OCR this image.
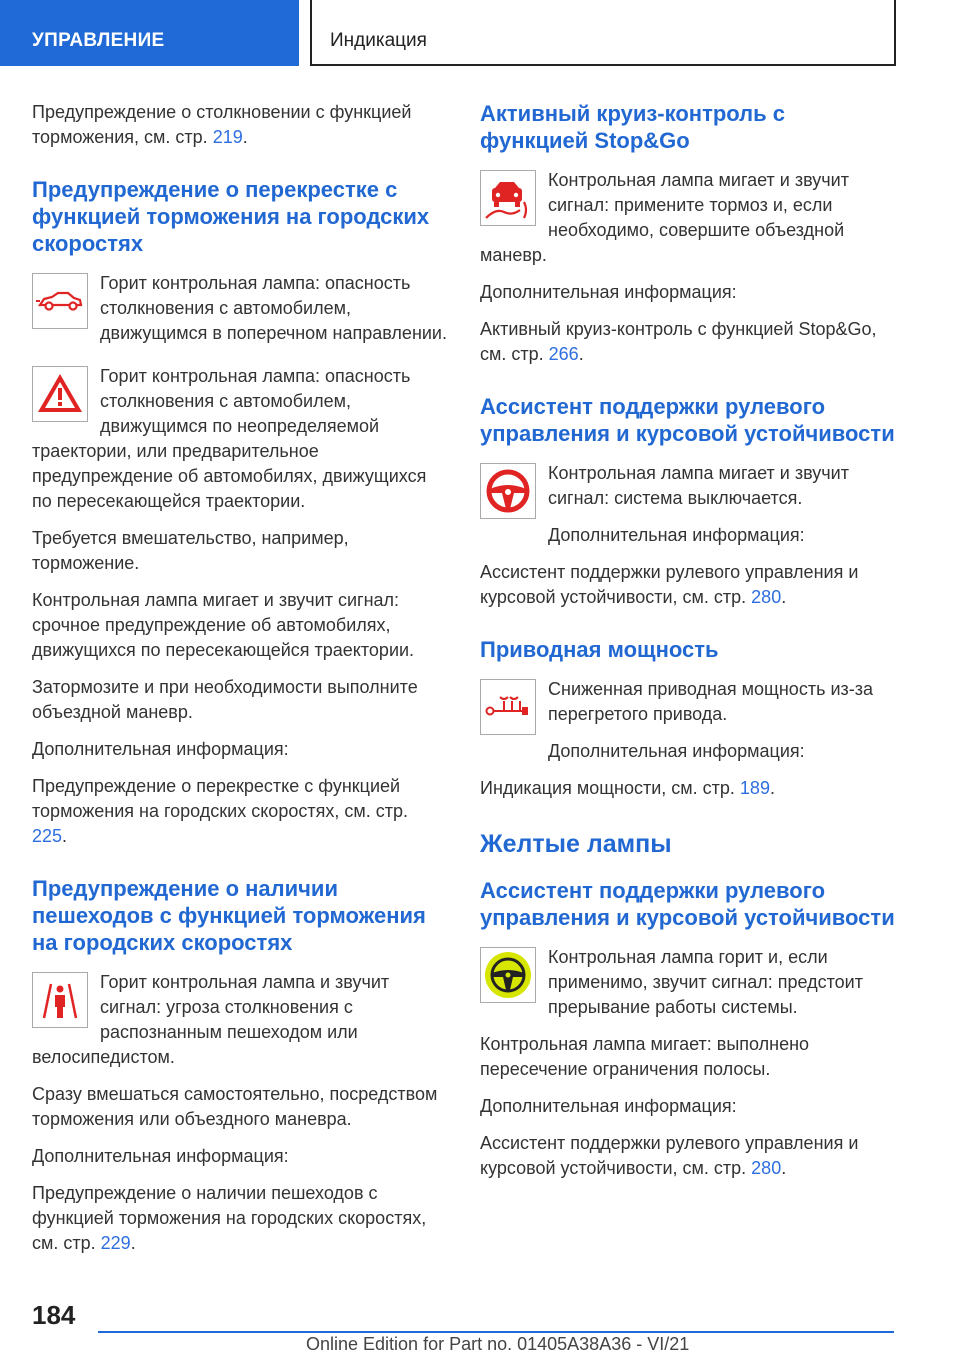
УПРАВЛЕНИЕ	Индикация

Предупреждение о столкновении с функцией торможения, см. стр. 219.

Предупреждение о перекрестке с функцией торможения на городских скоростях

Горит контрольная лампа: опасность столкновения с автомобилем, движущимся в поперечном направлении.

Горит контрольная лампа: опасность столкновения с автомобилем, движущимся по неопределяемой траектории, или предварительное предупреждение об автомобилях, движущихся по пересекающейся траектории.

Требуется вмешательство, например, торможение.

Контрольная лампа мигает и звучит сигнал: срочное предупреждение об автомобилях, движущихся по пересекающейся траектории.

Затормозите и при необходимости выполните объездной маневр.

Дополнительная информация:

Предупреждение о перекрестке с функцией торможения на городских скоростях, см. стр. 225.

Предупреждение о наличии пешеходов с функцией торможения на городских скоростях

Горит контрольная лампа и звучит сигнал: угроза столкновения с распознанным пешеходом или велосипедистом.

Сразу вмешаться самостоятельно, посредством торможения или объездного маневра.

Дополнительная информация:

Предупреждение о наличии пешеходов с функцией торможения на городских скоростях, см. стр. 229.

Активный круиз-контроль с функцией Stop&Go

Контрольная лампа мигает и звучит сигнал: примените тормоз и, если необходимо, совершите объездной маневр.

Дополнительная информация:

Активный круиз-контроль с функцией Stop&Go, см. стр. 266.

Ассистент поддержки рулевого управления и курсовой устойчивости

Контрольная лампа мигает и звучит сигнал: система выключается.

Дополнительная информация:

Ассистент поддержки рулевого управления и курсовой устойчивости, см. стр. 280.

Приводная мощность

Сниженная приводная мощность из-за перегретого привода.

Дополнительная информация:

Индикация мощности, см. стр. 189.

Желтые лампы
Ассистент поддержки рулевого управления и курсовой устойчивости

Контрольная лампа горит и, если применимо, звучит сигнал: предстоит прерывание работы системы.

Контрольная лампа мигает: выполнено пересечение ограничения полосы.

Дополнительная информация:

Ассистент поддержки рулевого управления и курсовой устойчивости, см. стр. 280.

184
Online Edition for Part no. 01405A38A36 - VI/21
